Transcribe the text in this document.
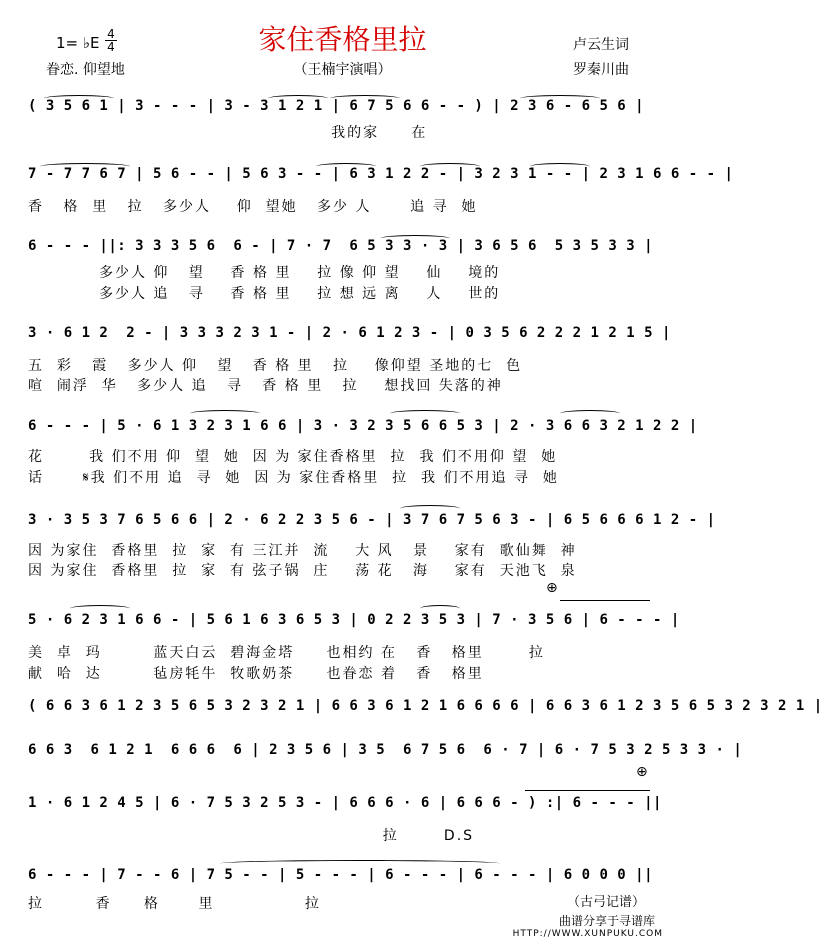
1= ♭E 4
4	家住香格里拉	卢云生词
眷恋. 仰望地	（王楠宇演唱）	罗秦川曲
( 3 5 6 1 | 3 - - - | 3 - 3 1 2 1 | 6 7 5 6 6 - - ) | 2 3 6 - 6 5 6 |
我的家     在
7 - 7 7 6 7 | 5 6 - - | 5 6 3 - - | 6 3 1 2 2 - | 3 2 3 1 - - | 2 3 1 6 6 - - |
香   格  里   拉   多少人    仰  望她   多少 人      追 寻  她
6 - - - ||: 3 3 3 5 6  6 - | 7 · 7  6 5 3 3 · 3 | 3 6 5 6  5 3 5 3 3 |
多少人 仰   望    香 格 里    拉 像 仰 望    仙    境的
多少人 追   寻    香 格 里    拉 想 远 离    人    世的
3 · 6 1 2  2 - | 3 3 3 2 3 1 - | 2 · 6 1 2 3 - | 0 3 5 6 2 2 2 1 2 1 5 |
五  彩   霞   多少人 仰   望   香 格 里   拉    像仰望 圣地的七  色
喧  闹浮  华   多少人 追   寻   香 格 里   拉    想找回 失落的神
6 - - - | 5 · 6 1 3 2 3 1 6 6 | 3 · 3 2 3 5 6 6 5 3 | 2 · 3 6 6 3 2 1 2 2 |
花       我 们不用 仰  望  她  因 为 家住香格里  拉  我 们不用仰 望  她
话      𝄋我 们不用 追  寻  她  因 为 家住香格里  拉  我 们不用追 寻  她
3 · 3 5 3 7 6 5 6 6 | 2 · 6 2 2 3 5 6 - | 3 7 6 7 5 6 3 - | 6 5 6 6 6 1 2 - |
因 为家住  香格里  拉  家  有 三江并  流    大 风   景    家有  歌仙舞  神
因 为家住  香格里  拉  家  有 弦子锅  庄    荡 花   海    家有  天池飞  泉
5 · 6 2 3 1 6 6 - | 5 6 1 6 3 6 5 3 | 0 2 2 3 5 3 | 7 · 3 5 6 | 6 - - - |
美  卓  玛        蓝天白云  碧海金塔     也相约 在   香   格里       拉
献  哈  达        毡房牦牛  牧歌奶茶     也眷恋 着   香   格里
( 6 6 3 6 1 2 3 5 6 5 3 2 3 2 1 | 6 6 3 6 1 2 1 6 6 6 6 | 6 6 3 6 1 2 3 5 6 5 3 2 3 2 1 |
6 6 3  6 1 2 1  6 6 6  6 | 2 3 5 6 | 3 5  6 7 5 6  6 · 7 | 6 · 7 5 3 2 5 3 3 · |
1 · 6 1 2 4 5 | 6 · 7 5 3 2 5 3 - | 6 6 6 · 6 | 6 6 6 - ) :| 6 - - - ||
拉       D.S
6 - - - | 7 - - 6 | 7 5 - - | 5 - - - | 6 - - - | 6 - - - | 6 0 0 0 ||
拉        香     格      里              拉
⊕
⊕
（古弓记谱）
曲谱分享于寻谱库
HTTP://WWW.XUNPUKU.COM
